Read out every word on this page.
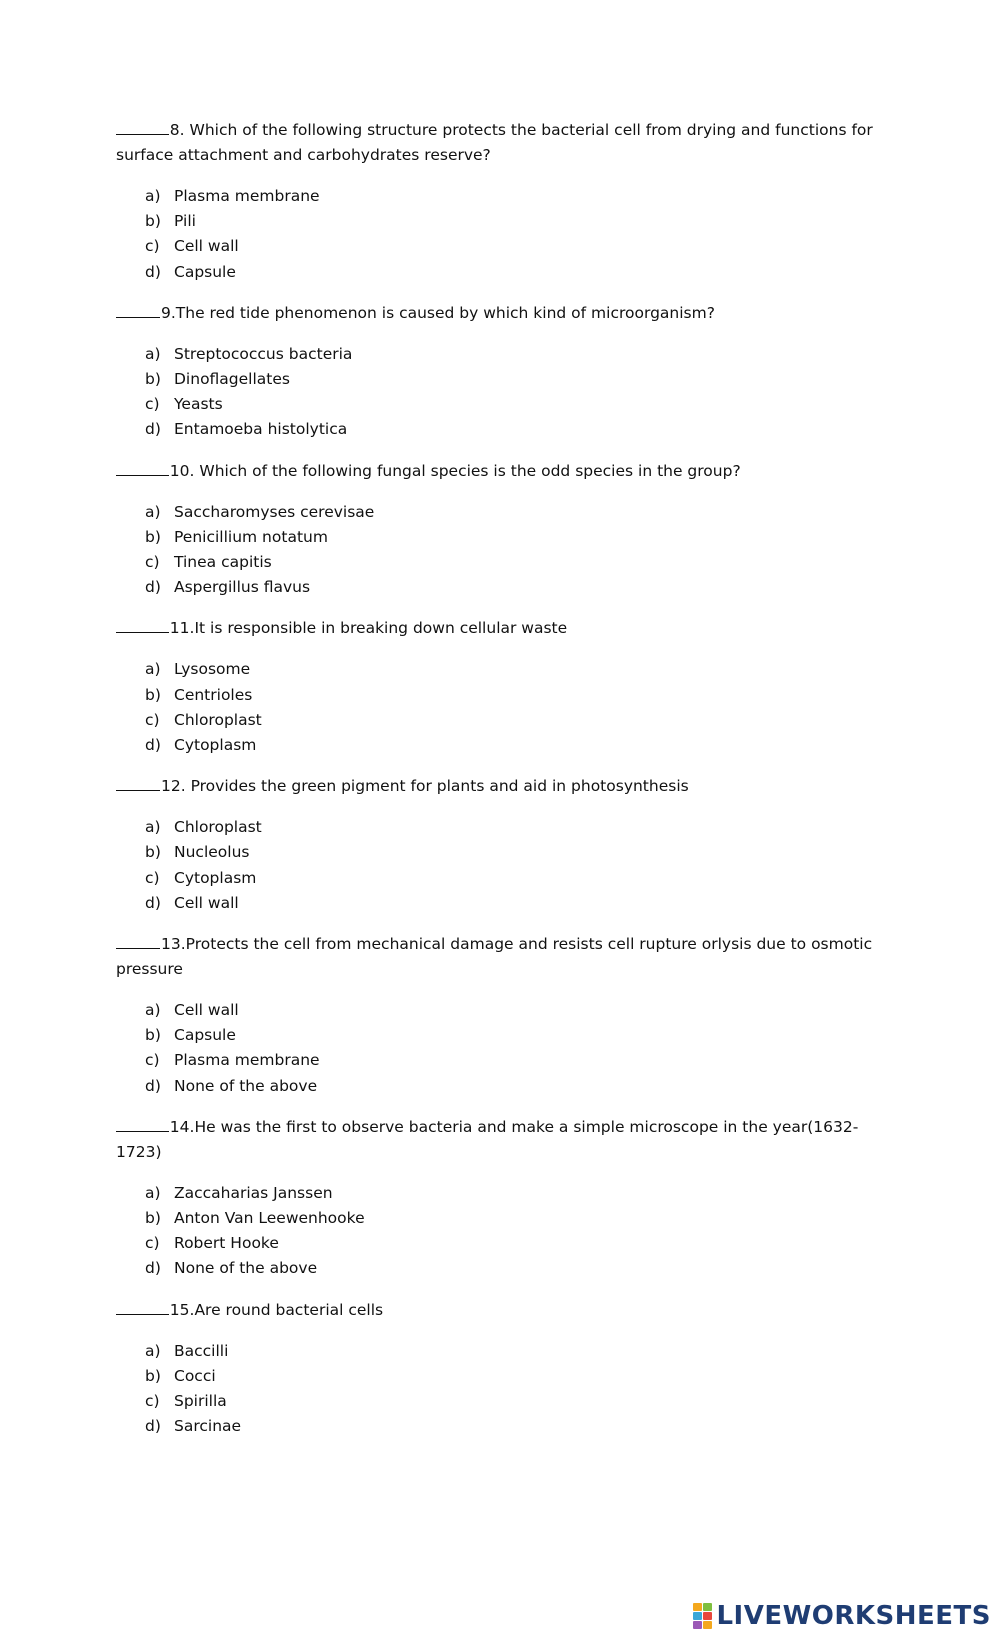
8. Which of the following structure protects the bacterial cell from drying and functions for surface attachment and carbohydrates reserve?

a) Plasma membrane
b) Pili
c) Cell wall
d) Capsule

9.The red tide phenomenon is caused by which kind of microorganism?

a) Streptococcus bacteria
b) Dinoflagellates
c) Yeasts
d) Entamoeba histolytica

10. Which of the following fungal species is the odd species in the group?

a) Saccharomyses cerevisae
b) Penicillium notatum
c) Tinea capitis
d) Aspergillus flavus

11.It is responsible in breaking down cellular waste

a) Lysosome
b) Centrioles
c) Chloroplast
d) Cytoplasm

12. Provides the green pigment for plants and aid in photosynthesis

a) Chloroplast
b) Nucleolus
c) Cytoplasm
d) Cell wall

13.Protects the cell from mechanical damage and resists cell rupture orlysis due to osmotic pressure

a) Cell wall
b) Capsule
c) Plasma membrane
d) None of the above

14.He was the first to observe bacteria and make a simple microscope in the year(1632-1723)

a) Zaccaharias Janssen
b) Anton Van Leewenhooke
c) Robert Hooke
d) None of the above

15.Are round bacterial cells

a) Baccilli
b) Cocci
c) Spirilla
d) Sarcinae
LIVEWORKSHEETS
